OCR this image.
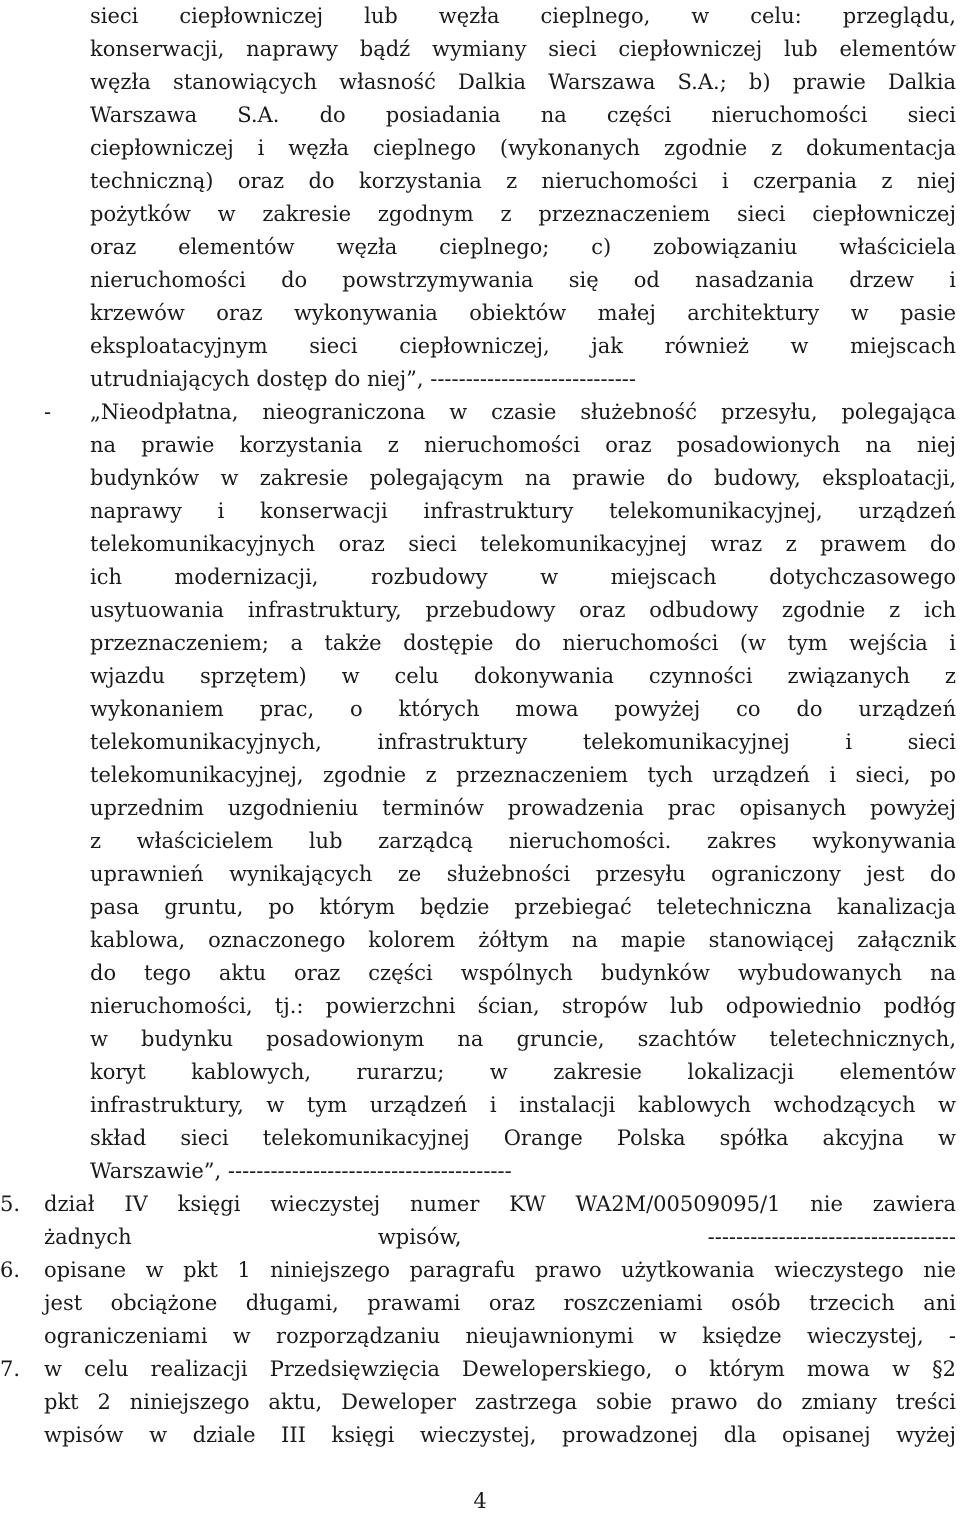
sieci ciepłowniczej lub węzła cieplnego, w celu: przeglądu,
konserwacji, naprawy bądź wymiany sieci ciepłowniczej lub elementów
węzła stanowiących własność Dalkia Warszawa S.A.; b) prawie Dalkia
Warszawa S.A. do posiadania na części nieruchomości sieci
ciepłowniczej i węzła cieplnego (wykonanych zgodnie z dokumentacja
techniczną) oraz do korzystania z nieruchomości i czerpania z niej
pożytków w zakresie zgodnym z przeznaczeniem sieci ciepłowniczej
oraz elementów węzła cieplnego; c) zobowiązaniu właściciela
nieruchomości do powstrzymywania się od nasadzania drzew i
krzewów oraz wykonywania obiektów małej architektury w pasie
eksploatacyjnym sieci ciepłowniczej, jak również w miejscach
utrudniających dostęp do niej”, -----------------------------
- „Nieodpłatna, nieograniczona w czasie służebność przesyłu, polegająca
na prawie korzystania z nieruchomości oraz posadowionych na niej
budynków w zakresie polegającym na prawie do budowy, eksploatacji,
naprawy i konserwacji infrastruktury telekomunikacyjnej, urządzeń
telekomunikacyjnych oraz sieci telekomunikacyjnej wraz z prawem do
ich modernizacji, rozbudowy w miejscach dotychczasowego
usytuowania infrastruktury, przebudowy oraz odbudowy zgodnie z ich
przeznaczeniem; a także dostępie do nieruchomości (w tym wejścia i
wjazdu sprzętem) w celu dokonywania czynności związanych z
wykonaniem prac, o których mowa powyżej co do urządzeń
telekomunikacyjnych, infrastruktury telekomunikacyjnej i sieci
telekomunikacyjnej, zgodnie z przeznaczeniem tych urządzeń i sieci, po
uprzednim uzgodnieniu terminów prowadzenia prac opisanych powyżej
z właścicielem lub zarządcą nieruchomości. zakres wykonywania
uprawnień wynikających ze służebności przesyłu ograniczony jest do
pasa gruntu, po którym będzie przebiegać teletechniczna kanalizacja
kablowa, oznaczonego kolorem żółtym na mapie stanowiącej załącznik
do tego aktu oraz części wspólnych budynków wybudowanych na
nieruchomości, tj.: powierzchni ścian, stropów lub odpowiednio podłóg
w budynku posadowionym na gruncie, szachtów teletechnicznych,
koryt kablowych, rurarzu; w zakresie lokalizacji elementów
infrastruktury, w tym urządzeń i instalacji kablowych wchodzących w
skład sieci telekomunikacyjnej Orange Polska spółka akcyjna w
Warszawie”, ----------------------------------------
5. dział IV księgi wieczystej numer KW WA2M/00509095/1 nie zawiera
żadnych wpisów, -----------------------------------
6. opisane w pkt 1 niniejszego paragrafu prawo użytkowania wieczystego nie
jest obciążone długami, prawami oraz roszczeniami osób trzecich ani
ograniczeniami w rozporządzaniu nieujawnionymi w księdze wieczystej, -
7. w celu realizacji Przedsięwzięcia Deweloperskiego, o którym mowa w §2
pkt 2 niniejszego aktu, Deweloper zastrzega sobie prawo do zmiany treści
wpisów w dziale III księgi wieczystej, prowadzonej dla opisanej wyżej
4
